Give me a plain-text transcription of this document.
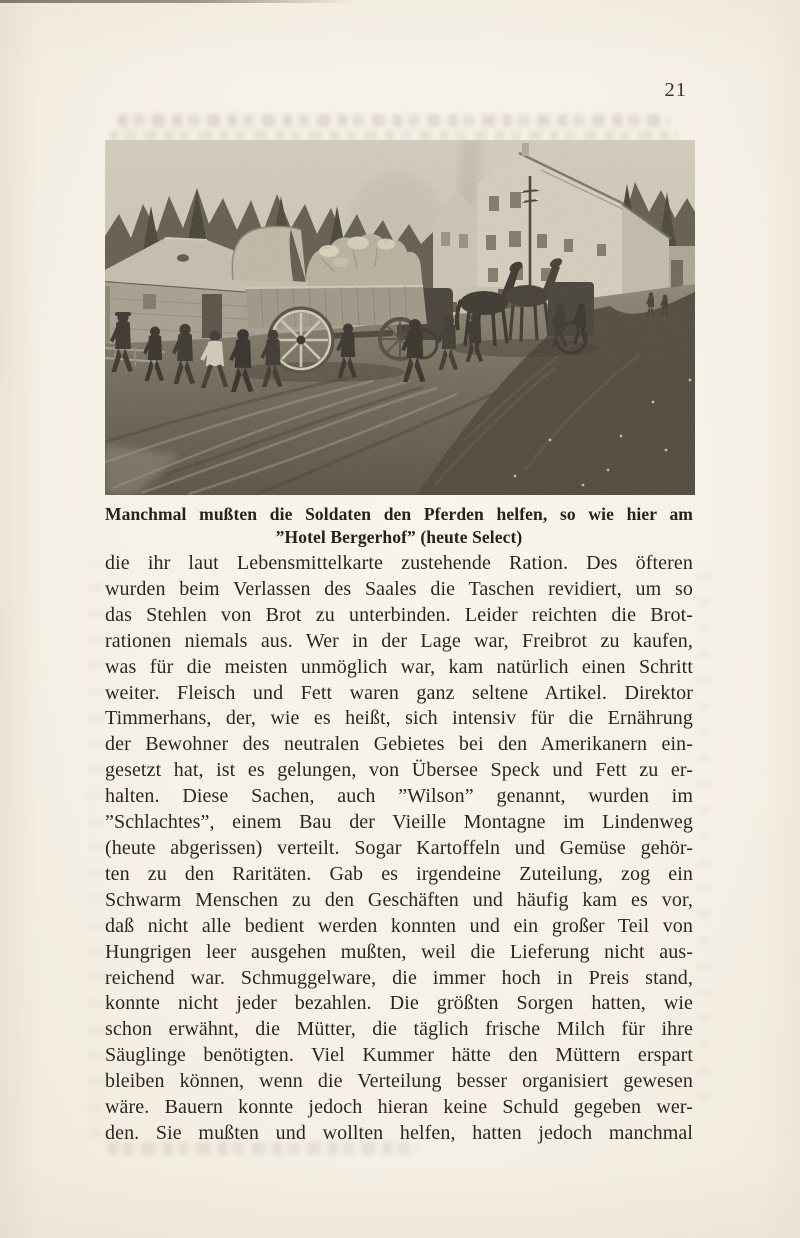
21
Manchmal mußten die Soldaten den Pferden helfen, so wie hier am
”Hotel Bergerhof” (heute Select)
die ihr laut Lebensmittelkarte zustehende Ration. Des öfteren
wurden beim Verlassen des Saales die Taschen revidiert, um so
das Stehlen von Brot zu unterbinden. Leider reichten die Brot-
rationen niemals aus. Wer in der Lage war, Freibrot zu kaufen,
was für die meisten unmöglich war, kam natürlich einen Schritt
weiter. Fleisch und Fett waren ganz seltene Artikel. Direktor
Timmerhans, der, wie es heißt, sich intensiv für die Ernährung
der Bewohner des neutralen Gebietes bei den Amerikanern ein-
gesetzt hat, ist es gelungen, von Übersee Speck und Fett zu er-
halten. Diese Sachen, auch ”Wilson” genannt, wurden im
”Schlachtes”, einem Bau der Vieille Montagne im Lindenweg
(heute abgerissen) verteilt. Sogar Kartoffeln und Gemüse gehör-
ten zu den Raritäten. Gab es irgendeine Zuteilung, zog ein
Schwarm Menschen zu den Geschäften und häufig kam es vor,
daß nicht alle bedient werden konnten und ein großer Teil von
Hungrigen leer ausgehen mußten, weil die Lieferung nicht aus-
reichend war. Schmuggelware, die immer hoch in Preis stand,
konnte nicht jeder bezahlen. Die größten Sorgen hatten, wie
schon erwähnt, die Mütter, die täglich frische Milch für ihre
Säuglinge benötigten. Viel Kummer hätte den Müttern erspart
bleiben können, wenn die Verteilung besser organisiert gewesen
wäre. Bauern konnte jedoch hieran keine Schuld gegeben wer-
den. Sie mußten und wollten helfen, hatten jedoch manchmal
